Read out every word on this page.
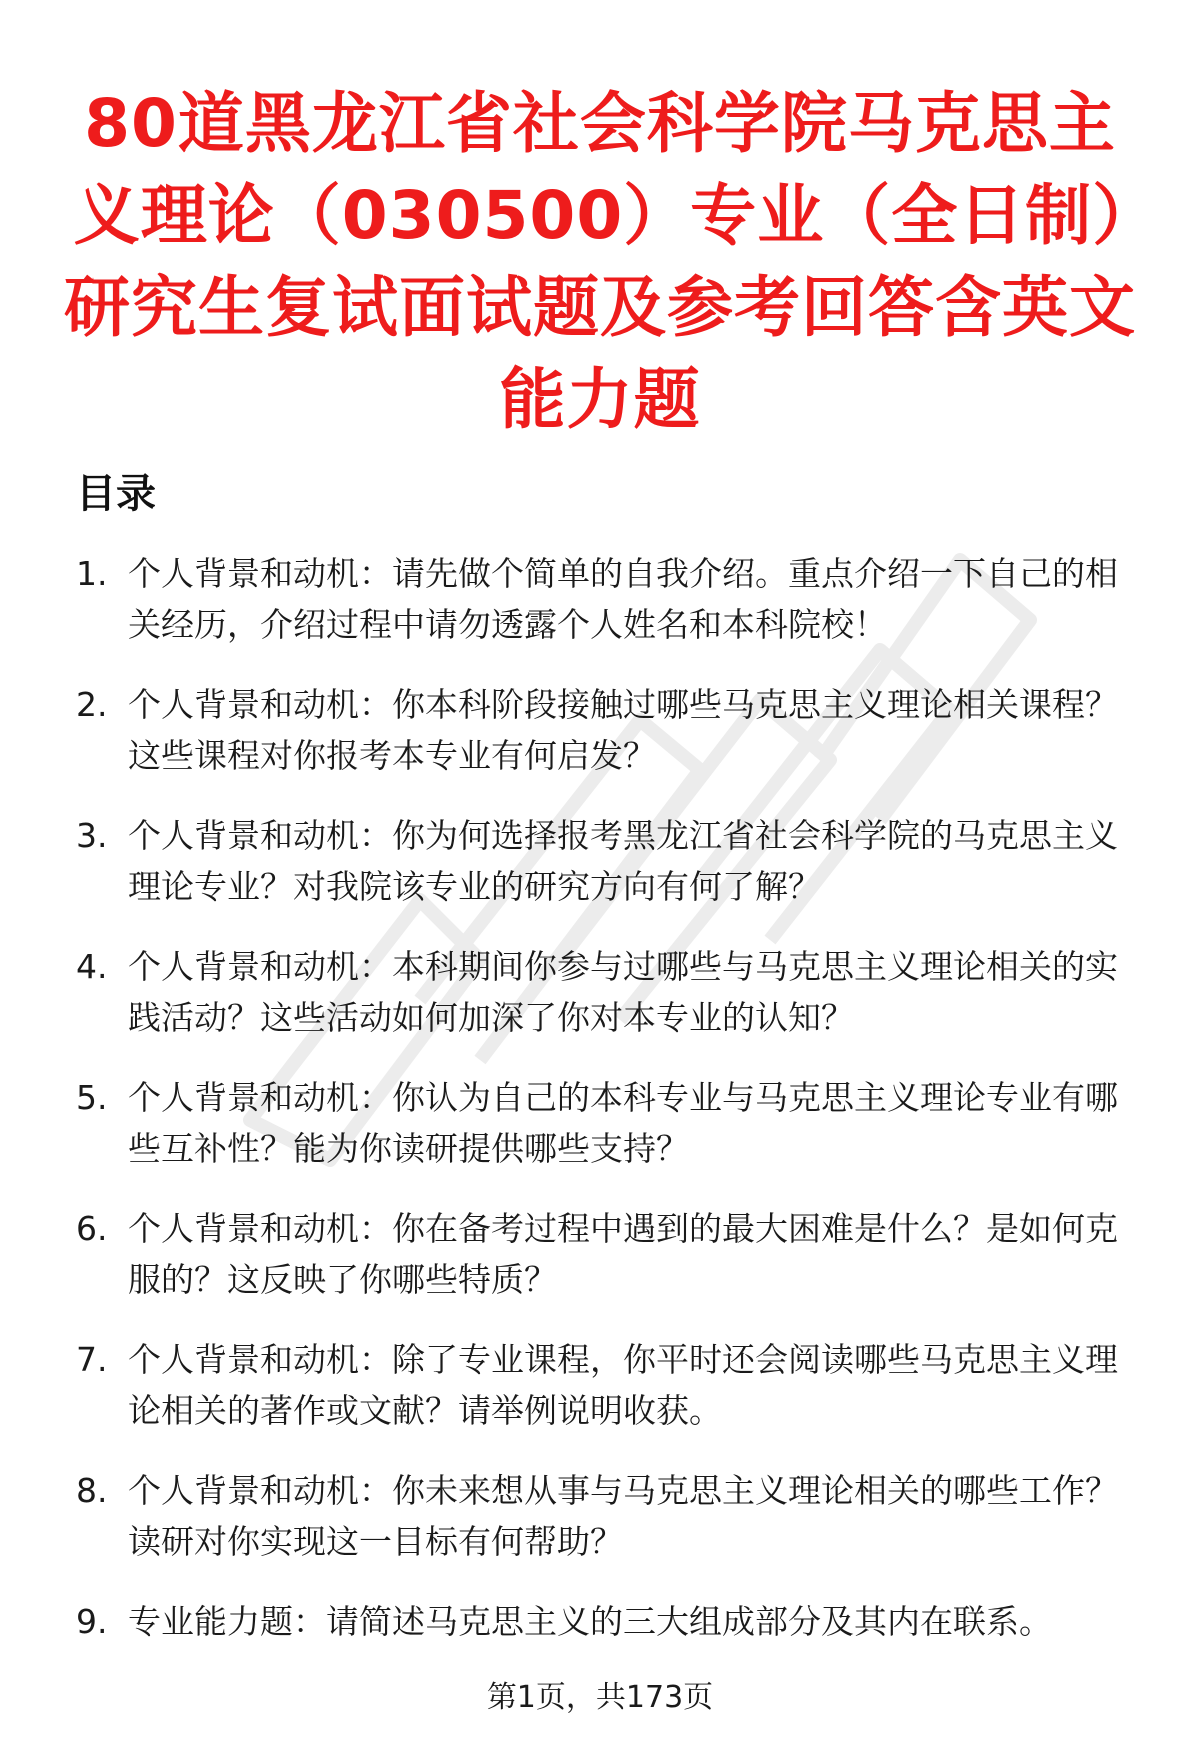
80道黑龙江省社会科学院马克思主义理论（030500）专业（全日制）研究生复试面试题及参考回答含英文能力题
目录
1. 个人背景和动机：请先做个简单的自我介绍。重点介绍一下自己的相关经历，介绍过程中请勿透露个人姓名和本科院校！
2. 个人背景和动机：你本科阶段接触过哪些马克思主义理论相关课程？这些课程对你报考本专业有何启发？
3. 个人背景和动机：你为何选择报考黑龙江省社会科学院的马克思主义理论专业？对我院该专业的研究方向有何了解？
4. 个人背景和动机：本科期间你参与过哪些与马克思主义理论相关的实践活动？这些活动如何加深了你对本专业的认知？
5. 个人背景和动机：你认为自己的本科专业与马克思主义理论专业有哪些互补性？能为你读研提供哪些支持？
6. 个人背景和动机：你在备考过程中遇到的最大困难是什么？是如何克服的？这反映了你哪些特质？
7. 个人背景和动机：除了专业课程，你平时还会阅读哪些马克思主义理论相关的著作或文献？请举例说明收获。
8. 个人背景和动机：你未来想从事与马克思主义理论相关的哪些工作？读研对你实现这一目标有何帮助？
9. 专业能力题：请简述马克思主义的三大组成部分及其内在联系。
第1页，共173页
